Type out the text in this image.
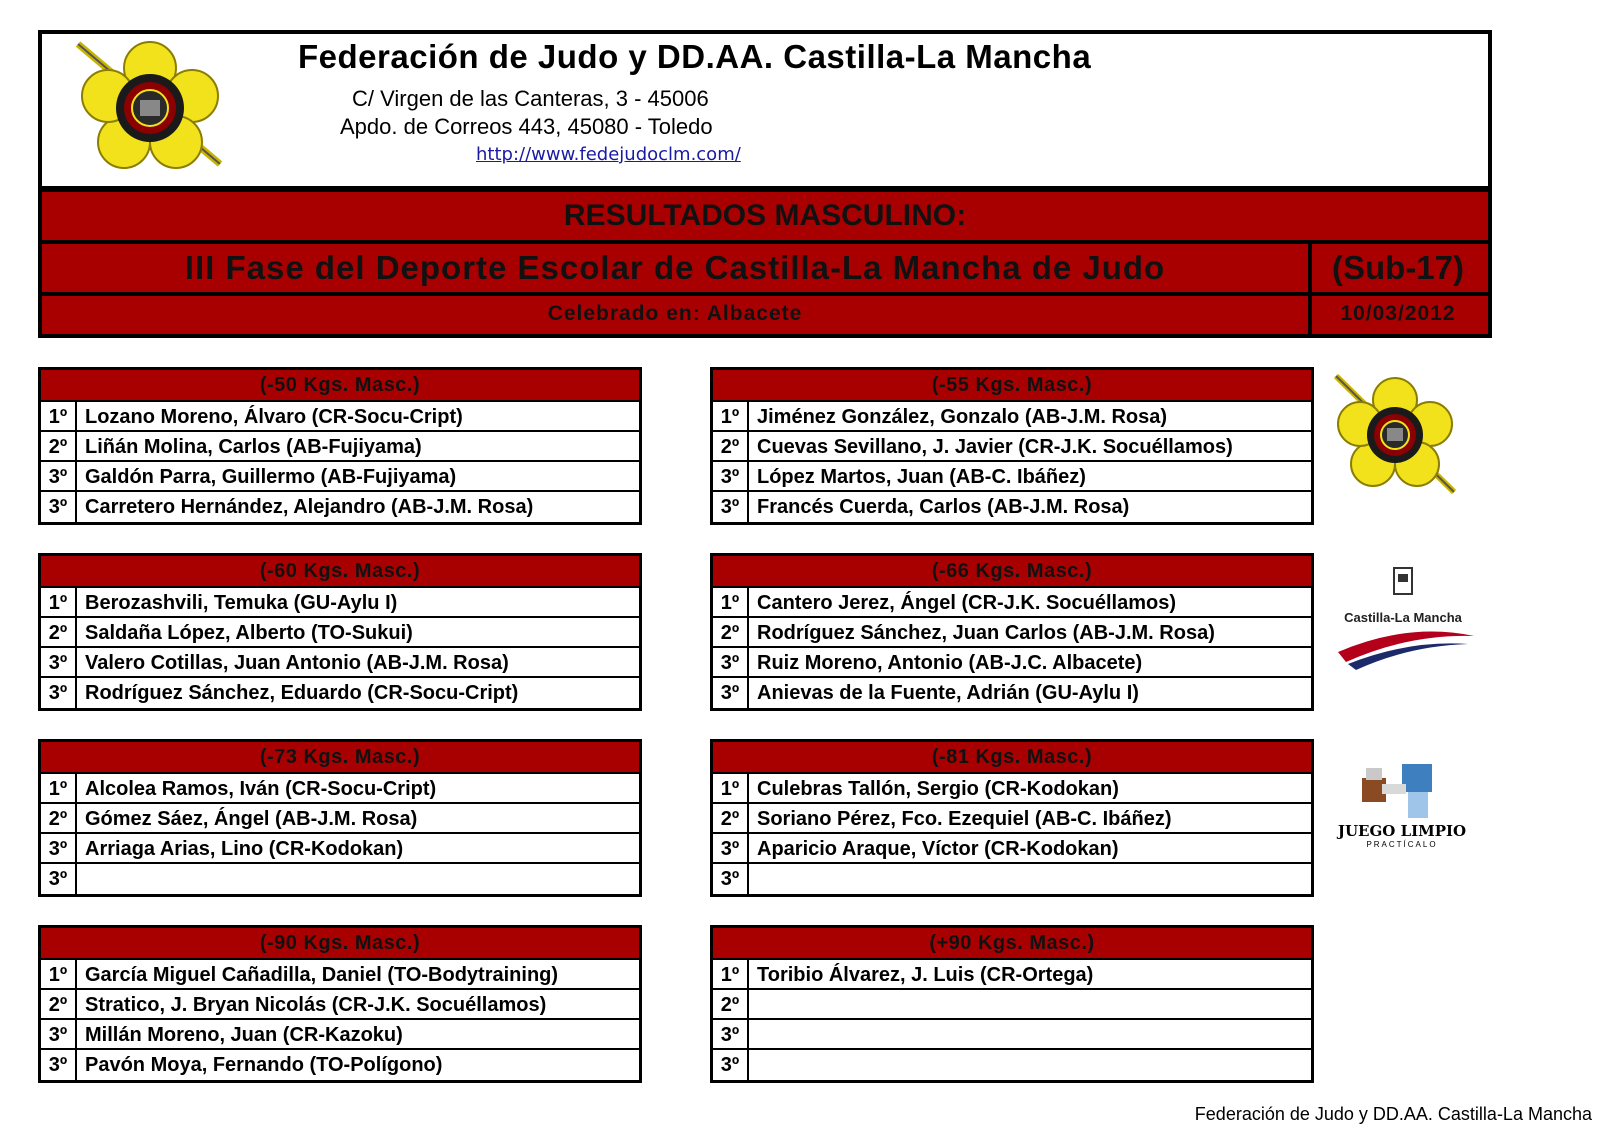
Federación de Judo y DD.AA. Castilla-La Mancha
C/ Virgen de las Canteras, 3 - 45006
Apdo. de Correos 443, 45080 - Toledo
http://www.fedejudoclm.com/
RESULTADOS MASCULINO:
III Fase del Deporte Escolar de Castilla-La Mancha de Judo	(Sub-17)
Celebrado en: Albacete	10/03/2012
(-50 Kgs. Masc.)
1º Lozano Moreno, Álvaro (CR-Socu-Cript)
2º Liñán Molina, Carlos (AB-Fujiyama)
3º Galdón Parra, Guillermo (AB-Fujiyama)
3º Carretero Hernández, Alejandro (AB-J.M. Rosa)
(-55 Kgs. Masc.)
1º Jiménez González, Gonzalo (AB-J.M. Rosa)
2º Cuevas Sevillano, J. Javier (CR-J.K. Socuéllamos)
3º López Martos, Juan (AB-C. Ibáñez)
3º Francés Cuerda, Carlos (AB-J.M. Rosa)
(-60 Kgs. Masc.)
1º Berozashvili, Temuka (GU-Aylu I)
2º Saldaña López, Alberto (TO-Sukui)
3º Valero Cotillas, Juan Antonio (AB-J.M. Rosa)
3º Rodríguez Sánchez, Eduardo (CR-Socu-Cript)
(-66 Kgs. Masc.)
1º Cantero Jerez, Ángel (CR-J.K. Socuéllamos)
2º Rodríguez Sánchez, Juan Carlos (AB-J.M. Rosa)
3º Ruiz Moreno, Antonio (AB-J.C. Albacete)
3º Anievas de la Fuente, Adrián (GU-Aylu I)
(-73 Kgs. Masc.)
1º Alcolea Ramos, Iván (CR-Socu-Cript)
2º Gómez Sáez, Ángel (AB-J.M. Rosa)
3º Arriaga Arias, Lino (CR-Kodokan)
3º
(-81 Kgs. Masc.)
1º Culebras Tallón, Sergio (CR-Kodokan)
2º Soriano Pérez, Fco. Ezequiel (AB-C. Ibáñez)
3º Aparicio Araque, Víctor (CR-Kodokan)
3º
(-90 Kgs. Masc.)
1º García Miguel Cañadilla, Daniel (TO-Bodytraining)
2º Stratico, J. Bryan Nicolás (CR-J.K. Socuéllamos)
3º Millán Moreno, Juan (CR-Kazoku)
3º Pavón Moya, Fernando (TO-Polígono)
(+90 Kgs. Masc.)
1º Toribio Álvarez, J. Luis (CR-Ortega)
2º
3º
3º
Castilla-La Mancha
JUEGO LIMPIO
PRACTÍCALO
Federación de Judo y DD.AA. Castilla-La Mancha
